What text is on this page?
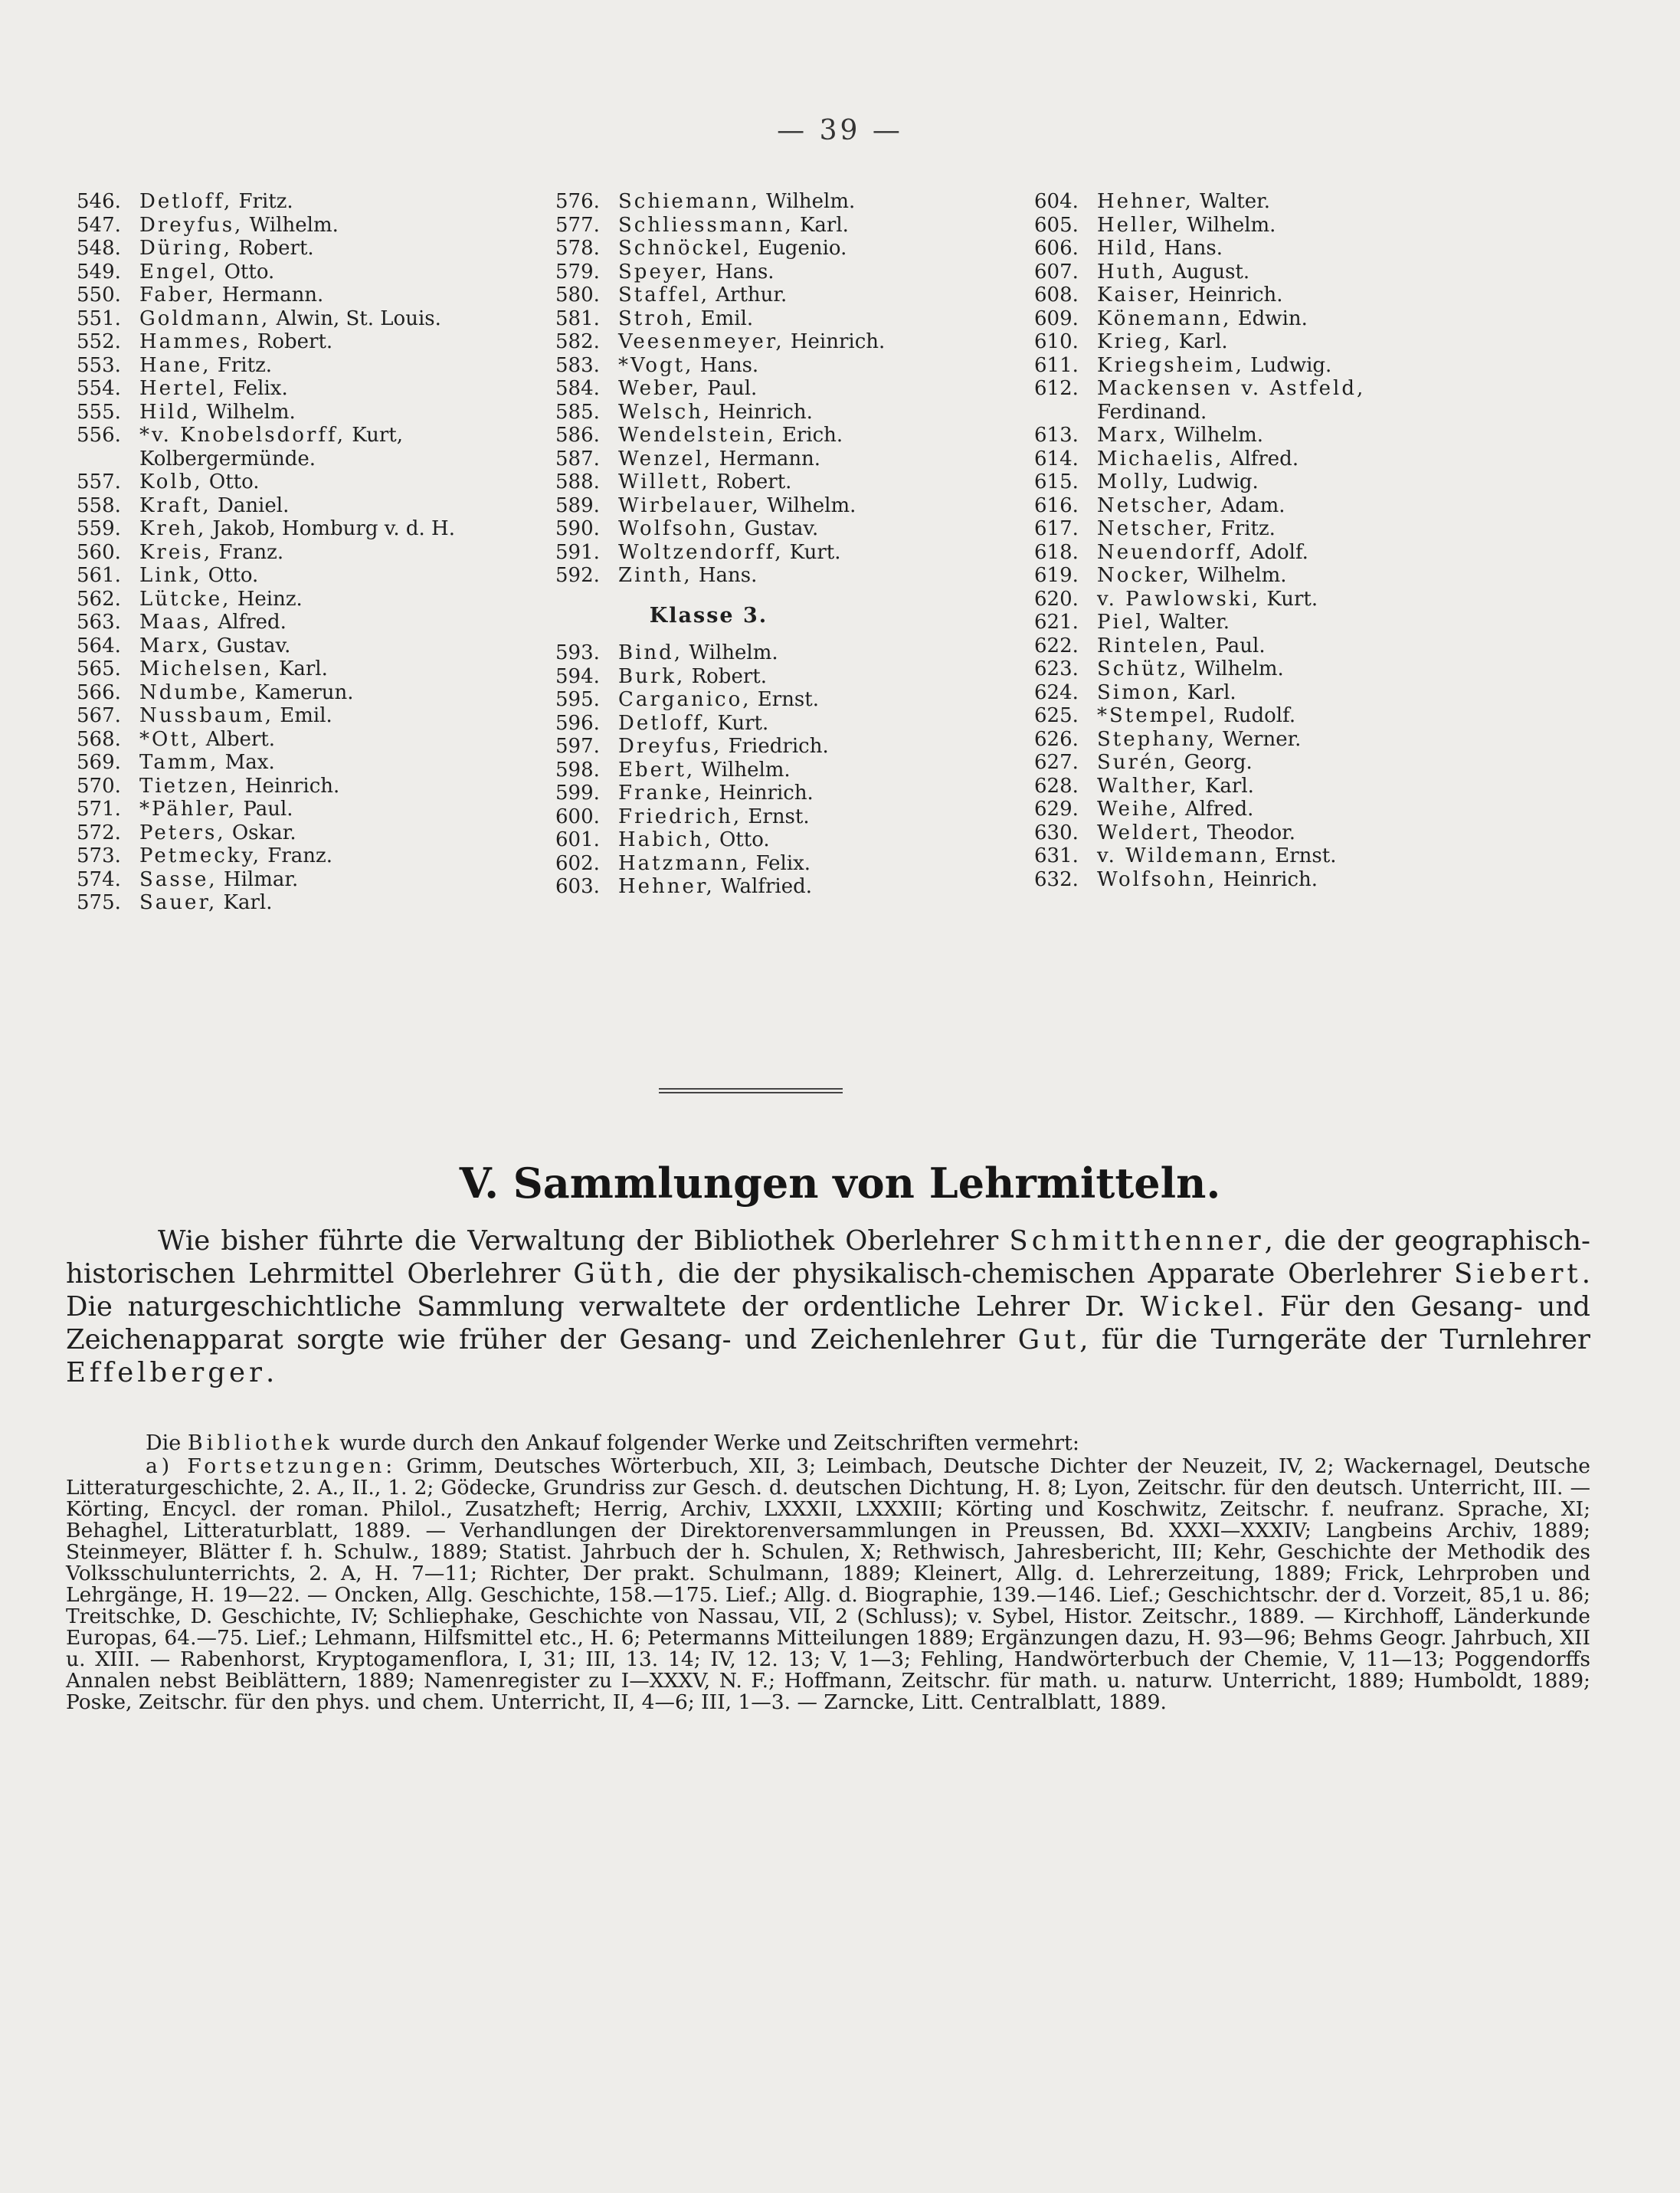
— 39 —
546. Detloff, Fritz.
547. Dreyfus, Wilhelm.
548. Düring, Robert.
549. Engel, Otto.
550. Faber, Hermann.
551. Goldmann, Alwin, St. Louis.
552. Hammes, Robert.
553. Hane, Fritz.
554. Hertel, Felix.
555. Hild, Wilhelm.
556. *v. Knobelsdorff, Kurt,
Kolbergermünde.
557. Kolb, Otto.
558. Kraft, Daniel.
559. Kreh, Jakob, Homburg v. d. H.
560. Kreis, Franz.
561. Link, Otto.
562. Lütcke, Heinz.
563. Maas, Alfred.
564. Marx, Gustav.
565. Michelsen, Karl.
566. Ndumbe, Kamerun.
567. Nussbaum, Emil.
568. *Ott, Albert.
569. Tamm, Max.
570. Tietzen, Heinrich.
571. *Pähler, Paul.
572. Peters, Oskar.
573. Petmecky, Franz.
574. Sasse, Hilmar.
575. Sauer, Karl.
576. Schiemann, Wilhelm.
577. Schliessmann, Karl.
578. Schnöckel, Eugenio.
579. Speyer, Hans.
580. Staffel, Arthur.
581. Stroh, Emil.
582. Veesenmeyer, Heinrich.
583. *Vogt, Hans.
584. Weber, Paul.
585. Welsch, Heinrich.
586. Wendelstein, Erich.
587. Wenzel, Hermann.
588. Willett, Robert.
589. Wirbelauer, Wilhelm.
590. Wolfsohn, Gustav.
591. Woltzendorff, Kurt.
592. Zinth, Hans.
Klasse 3.
593. Bind, Wilhelm.
594. Burk, Robert.
595. Carganico, Ernst.
596. Detloff, Kurt.
597. Dreyfus, Friedrich.
598. Ebert, Wilhelm.
599. Franke, Heinrich.
600. Friedrich, Ernst.
601. Habich, Otto.
602. Hatzmann, Felix.
603. Hehner, Walfried.
604. Hehner, Walter.
605. Heller, Wilhelm.
606. Hild, Hans.
607. Huth, August.
608. Kaiser, Heinrich.
609. Könemann, Edwin.
610. Krieg, Karl.
611. Kriegsheim, Ludwig.
612. Mackensen v. Astfeld,
Ferdinand.
613. Marx, Wilhelm.
614. Michaelis, Alfred.
615. Molly, Ludwig.
616. Netscher, Adam.
617. Netscher, Fritz.
618. Neuendorff, Adolf.
619. Nocker, Wilhelm.
620. v. Pawlowski, Kurt.
621. Piel, Walter.
622. Rintelen, Paul.
623. Schütz, Wilhelm.
624. Simon, Karl.
625. *Stempel, Rudolf.
626. Stephany, Werner.
627. Surén, Georg.
628. Walther, Karl.
629. Weihe, Alfred.
630. Weldert, Theodor.
631. v. Wildemann, Ernst.
632. Wolfsohn, Heinrich.
V. Sammlungen von Lehrmitteln.
Wie bisher führte die Verwaltung der Bibliothek Oberlehrer Schmitthenner, die der geographisch-historischen Lehrmittel Oberlehrer Güth, die der physikalisch-chemischen Apparate Oberlehrer Siebert. Die naturgeschichtliche Sammlung verwaltete der ordentliche Lehrer Dr. Wickel. Für den Gesang- und Zeichenapparat sorgte wie früher der Gesang- und Zeichenlehrer Gut, für die Turngeräte der Turnlehrer Effelberger.
Die Bibliothek wurde durch den Ankauf folgender Werke und Zeitschriften vermehrt:
a) Fortsetzungen: Grimm, Deutsches Wörterbuch, XII, 3; Leimbach, Deutsche Dichter der Neuzeit, IV, 2; Wackernagel, Deutsche Litteraturgeschichte, 2. A., II., 1. 2; Gödecke, Grundriss zur Gesch. d. deutschen Dichtung, H. 8; Lyon, Zeitschr. für den deutsch. Unterricht, III. — Körting, Encycl. der roman. Philol., Zusatzheft; Herrig, Archiv, LXXXII, LXXXIII; Körting und Koschwitz, Zeitschr. f. neufranz. Sprache, XI; Behaghel, Litteraturblatt, 1889. — Verhandlungen der Direktorenversammlungen in Preussen, Bd. XXXI—XXXIV; Langbeins Archiv, 1889; Steinmeyer, Blätter f. h. Schulw., 1889; Statist. Jahrbuch der h. Schulen, X; Rethwisch, Jahresbericht, III; Kehr, Geschichte der Methodik des Volksschulunterrichts, 2. A, H. 7—11; Richter, Der prakt. Schulmann, 1889; Kleinert, Allg. d. Lehrerzeitung, 1889; Frick, Lehrproben und Lehrgänge, H. 19—22. — Oncken, Allg. Geschichte, 158.—175. Lief.; Allg. d. Biographie, 139.—146. Lief.; Geschichtschr. der d. Vorzeit, 85,1 u. 86; Treitschke, D. Geschichte, IV; Schliephake, Geschichte von Nassau, VII, 2 (Schluss); v. Sybel, Histor. Zeitschr., 1889. — Kirchhoff, Länderkunde Europas, 64.—75. Lief.; Lehmann, Hilfsmittel etc., H. 6; Petermanns Mitteilungen 1889; Ergänzungen dazu, H. 93—96; Behms Geogr. Jahrbuch, XII u. XIII. — Rabenhorst, Kryptogamenflora, I, 31; III, 13. 14; IV, 12. 13; V, 1—3; Fehling, Handwörterbuch der Chemie, V, 11—13; Poggendorffs Annalen nebst Beiblättern, 1889; Namenregister zu I—XXXV, N. F.; Hoffmann, Zeitschr. für math. u. naturw. Unterricht, 1889; Humboldt, 1889; Poske, Zeitschr. für den phys. und chem. Unterricht, II, 4—6; III, 1—3. — Zarncke, Litt. Centralblatt, 1889.
